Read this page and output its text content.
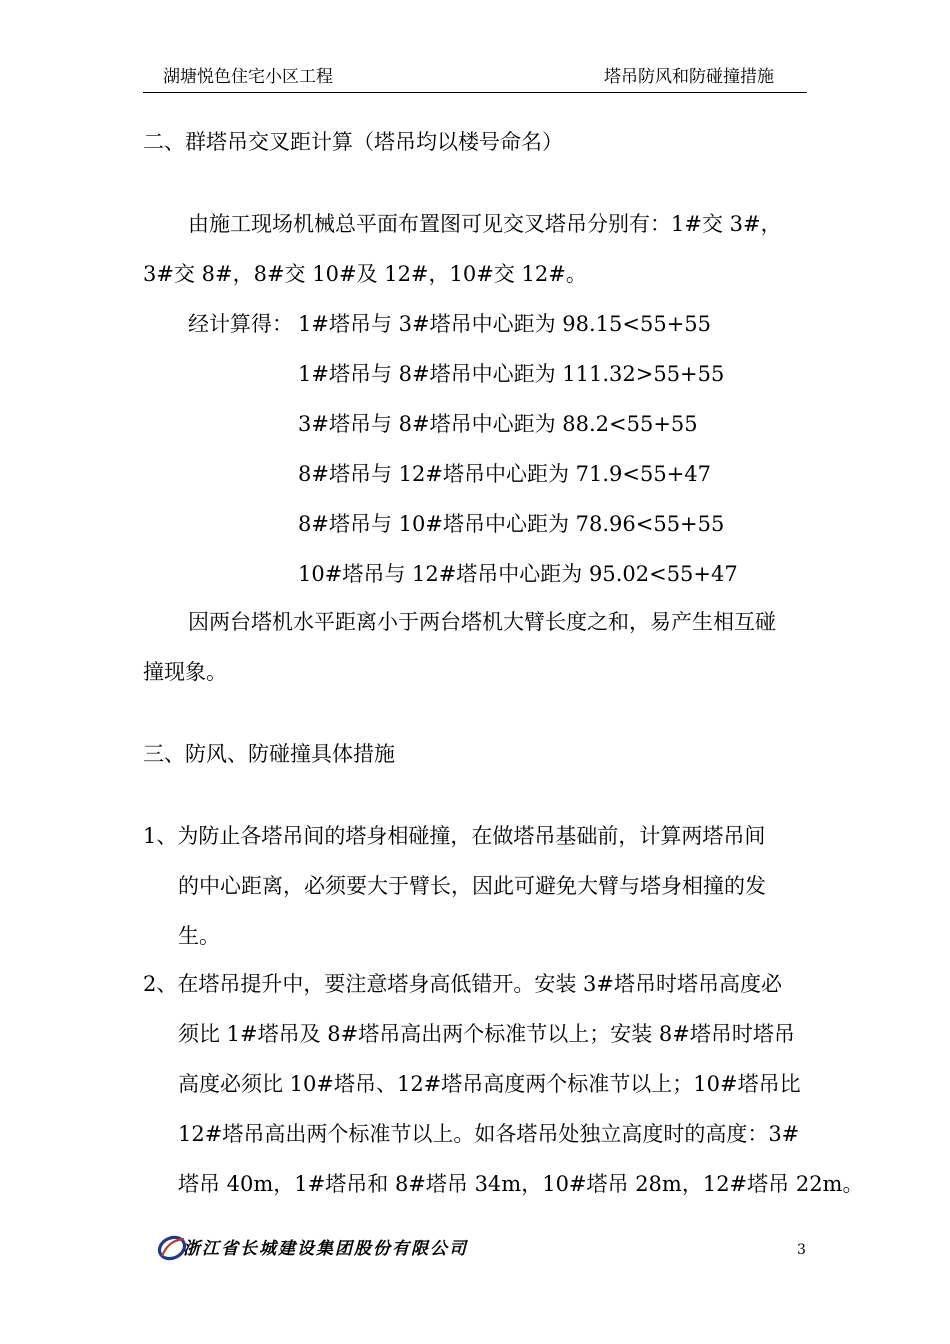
湖塘悦色住宅小区工程	塔吊防风和防碰撞措施
二、群塔吊交叉距计算（塔吊均以楼号命名）
由施工现场机械总平面布置图可见交叉塔吊分别有：1#交 3#，
3#交 8#，8#交 10#及 12#，10#交 12#。
经计算得： 1#塔吊与 3#塔吊中心距为 98.15<55+55
1#塔吊与 8#塔吊中心距为 111.32>55+55
3#塔吊与 8#塔吊中心距为 88.2<55+55
8#塔吊与 12#塔吊中心距为 71.9<55+47
8#塔吊与 10#塔吊中心距为 78.96<55+55
10#塔吊与 12#塔吊中心距为 95.02<55+47
因两台塔机水平距离小于两台塔机大臂长度之和，易产生相互碰
撞现象。
三、防风、防碰撞具体措施
1、为防止各塔吊间的塔身相碰撞，在做塔吊基础前，计算两塔吊间
的中心距离，必须要大于臂长，因此可避免大臂与塔身相撞的发
生。
2、在塔吊提升中，要注意塔身高低错开。安装 3#塔吊时塔吊高度必
须比 1#塔吊及 8#塔吊高出两个标准节以上；安装 8#塔吊时塔吊
高度必须比 10#塔吊、12#塔吊高度两个标准节以上；10#塔吊比
12#塔吊高出两个标准节以上。如各塔吊处独立高度时的高度：3#
塔吊 40m，1#塔吊和 8#塔吊 34m，10#塔吊 28m，12#塔吊 22m。
浙江省长城建设集团股份有限公司	3
